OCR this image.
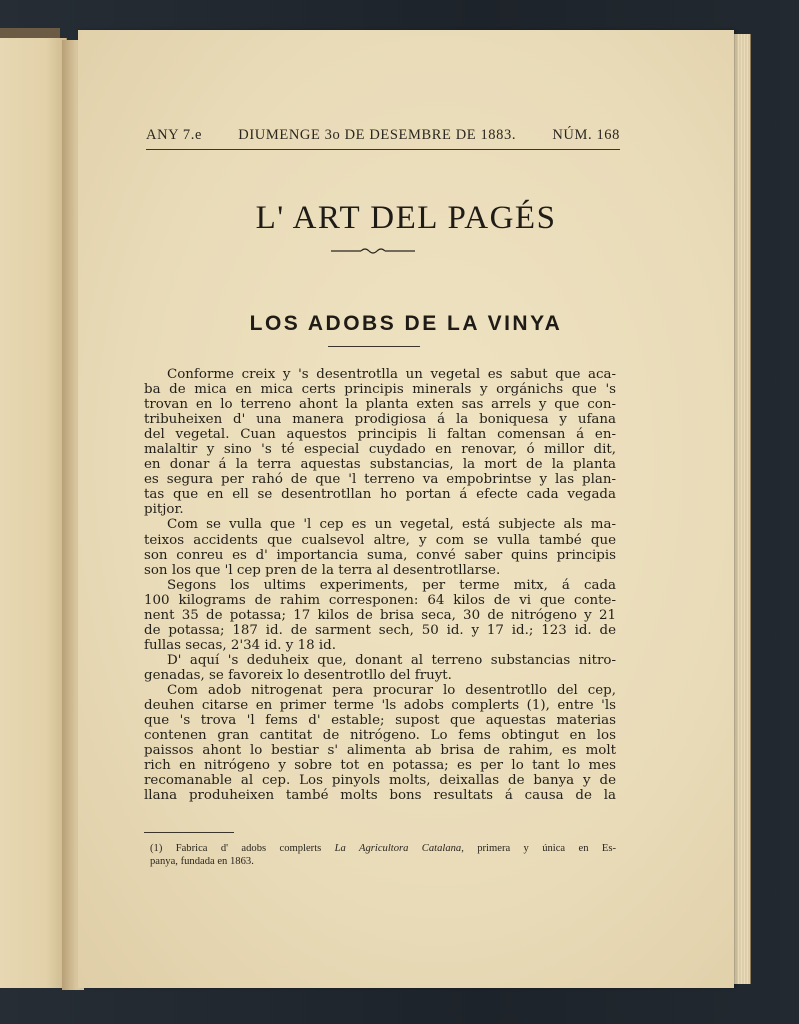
ANY 7.e	DIUMENGE 3o DE DESEMBRE DE 1883.	NÚM. 168
L' ART DEL PAGÉS
LOS ADOBS DE LA VINYA
Conforme creix y 's desentrotlla un vegetal es sabut que aca-
ba de mica en mica certs principis minerals y orgánichs que 's
trovan en lo terreno ahont la planta exten sas arrels y que con-
tribuheixen d' una manera prodigiosa á la boniquesa y ufana
del vegetal. Cuan aquestos principis li faltan comensan á en-
malaltir y sino 's té especial cuydado en renovar, ó millor dit,
en donar á la terra aquestas substancias, la mort de la planta
es segura per rahó de que 'l terreno va empobrintse y las plan-
tas que en ell se desentrotllan ho portan á efecte cada vegada
pitjor.
Com se vulla que 'l cep es un vegetal, está subjecte als ma-
teixos accidents que cualsevol altre, y com se vulla també que
son conreu es d' importancia suma, convé saber quins principis
son los que 'l cep pren de la terra al desentrotllarse.
Segons los ultims experiments, per terme mitx, á cada
100 kilograms de rahim corresponen: 64 kilos de vi que conte-
nent 35 de potassa; 17 kilos de brisa seca, 30 de nitrógeno y 21
de potassa; 187 id. de sarment sech, 50 id. y 17 id.; 123 id. de
fullas secas, 2'34 id. y 18 id.
D' aquí 's deduheix que, donant al terreno substancias nitro-
genadas, se favoreix lo desentrotllo del fruyt.
Com adob nitrogenat pera procurar lo desentrotllo del cep,
deuhen citarse en primer terme 'ls adobs complerts (1), entre 'ls
que 's trova 'l fems d' estable; supost que aquestas materias
contenen gran cantitat de nitrógeno. Lo fems obtingut en los
paissos ahont lo bestiar s' alimenta ab brisa de rahim, es molt
rich en nitrógeno y sobre tot en potassa; es per lo tant lo mes
recomanable al cep. Los pinyols molts, deixallas de banya y de
llana produheixen també molts bons resultats á causa de la
(1) Fabrica d' adobs complerts La Agricultora Catalana, primera y única en Es-
panya, fundada en 1863.
